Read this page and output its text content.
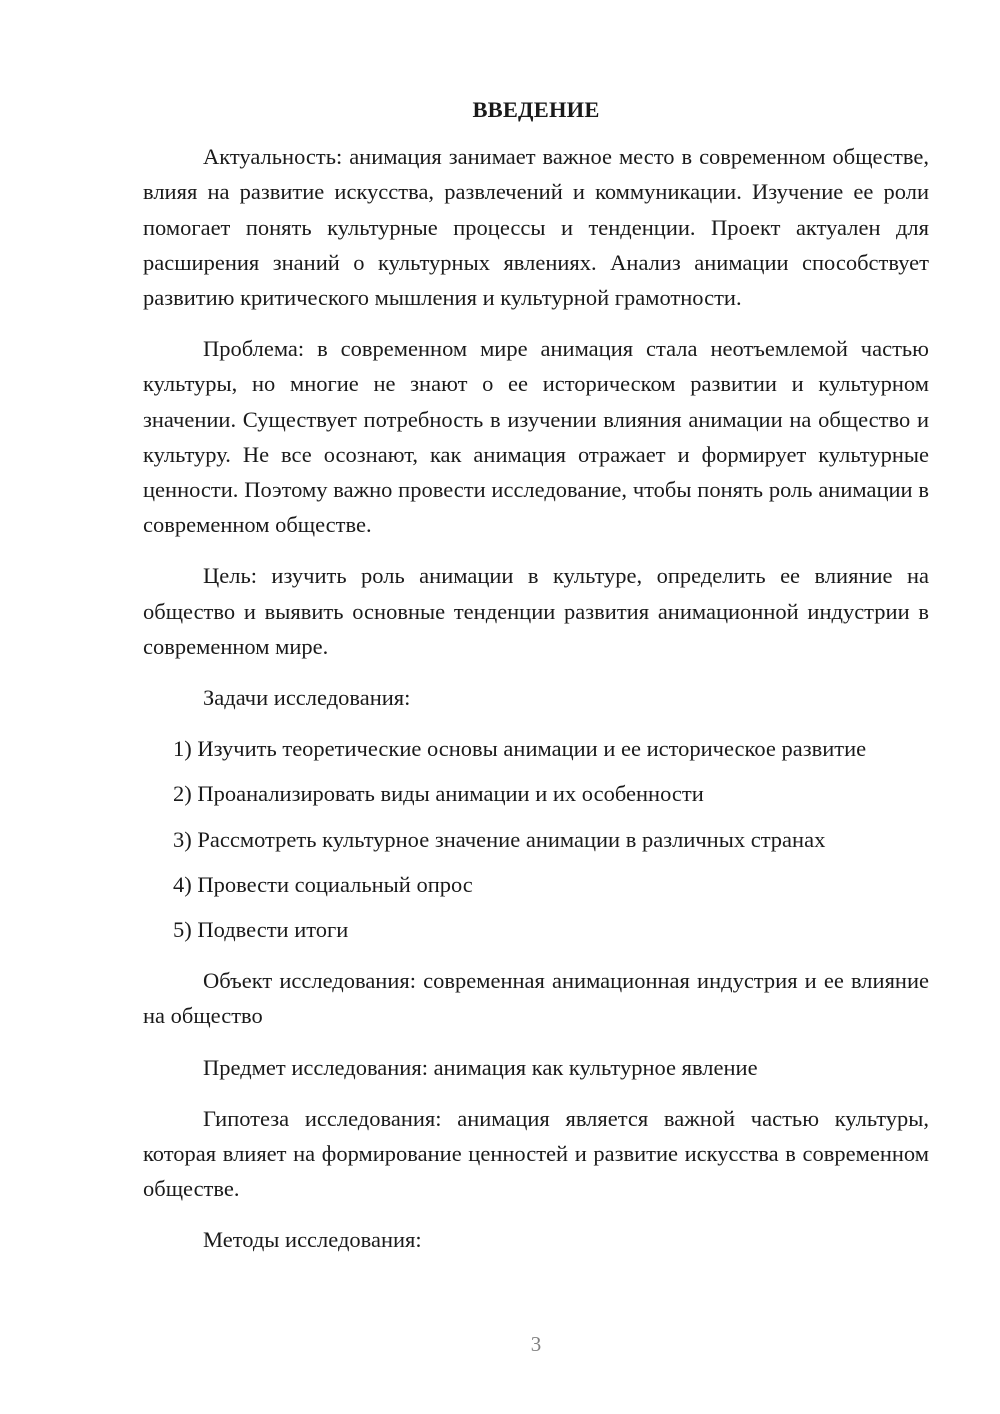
ВВЕДЕНИЕ

Актуальность: анимация занимает важное место в современном обществе, влияя на развитие искусства, развлечений и коммуникации. Изучение ее роли помогает понять культурные процессы и тенденции. Проект актуален для расширения знаний о культурных явлениях. Анализ анимации способствует развитию критического мышления и культурной грамотности.

Проблема: в современном мире анимация стала неотъемлемой частью культуры, но многие не знают о ее историческом развитии и культурном значении. Существует потребность в изучении влияния анимации на общество и культуру. Не все осознают, как анимация отражает и формирует культурные ценности. Поэтому важно провести исследование, чтобы понять роль анимации в современном обществе.

Цель: изучить роль анимации в культуре, определить ее влияние на общество и выявить основные тенденции развития анимационной индустрии в современном мире.

Задачи исследования:

1) Изучить теоретические основы анимации и ее историческое развитие

2) Проанализировать виды анимации и их особенности

3) Рассмотреть культурное значение анимации в различных странах

4) Провести социальный опрос

5) Подвести итоги

Объект исследования: современная анимационная индустрия и ее влияние на общество

Предмет исследования: анимация как культурное явление

Гипотеза исследования: анимация является важной частью культуры, которая влияет на формирование ценностей и развитие искусства в современном обществе.

Методы исследования:

3
